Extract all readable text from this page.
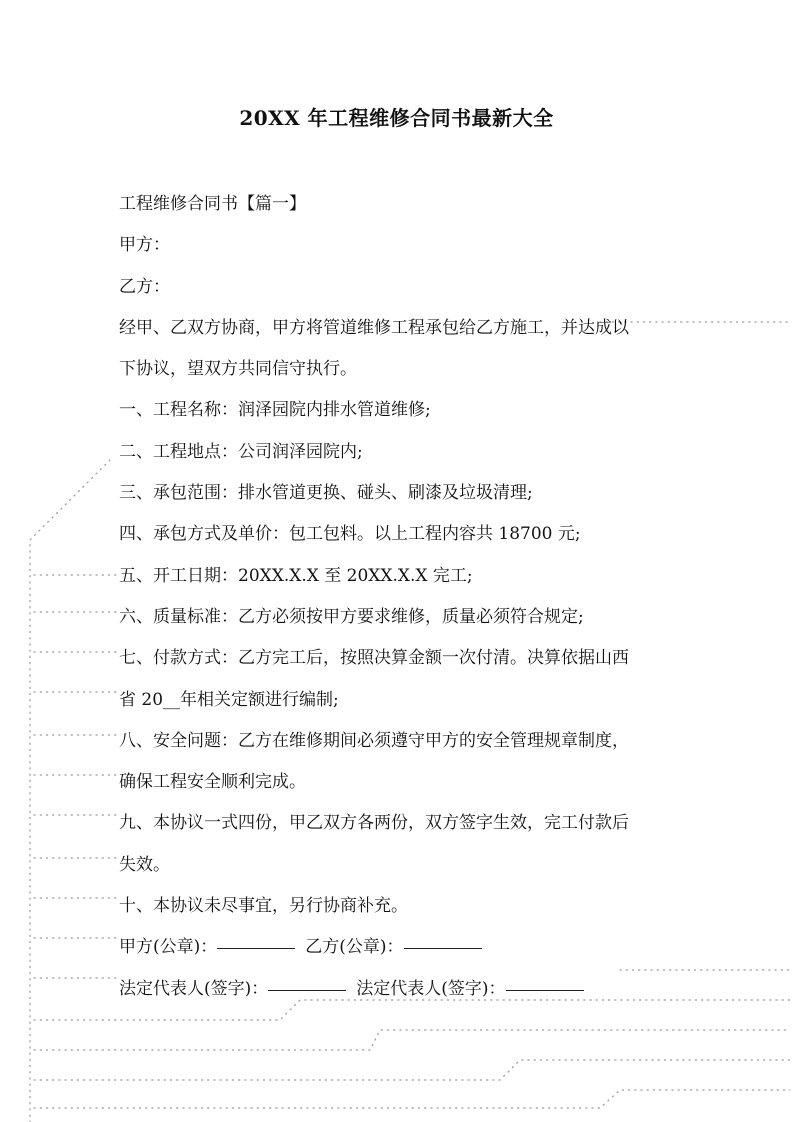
20XX 年工程维修合同书最新大全
工程维修合同书【篇一】
甲方：
乙方：
经甲、乙双方协商，甲方将管道维修工程承包给乙方施工，并达成以
下协议，望双方共同信守执行。
一、工程名称：润泽园院内排水管道维修;
二、工程地点：公司润泽园院内;
三、承包范围：排水管道更换、碰头、刷漆及垃圾清理;
四、承包方式及单价：包工包料。以上工程内容共 18700 元;
五、开工日期：20XX.X.X 至 20XX.X.X 完工;
六、质量标准：乙方必须按甲方要求维修，质量必须符合规定;
七、付款方式：乙方完工后，按照决算金额一次付清。决算依据山西
省 20__年相关定额进行编制;
八、安全问题：乙方在维修期间必须遵守甲方的安全管理规章制度，
确保工程安全顺利完成。
九、本协议一式四份，甲乙双方各两份，双方签字生效，完工付款后
失效。
十、本协议未尽事宜，另行协商补充。
甲方(公章)：	乙方(公章)：
法定代表人(签字)：	法定代表人(签字)：
